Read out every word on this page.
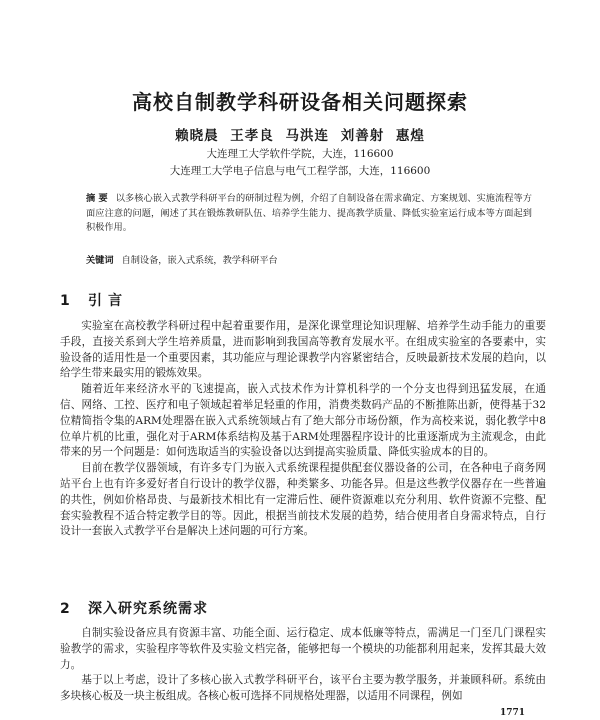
高校自制教学科研设备相关问题探索
赖晓晨 王孝良 马洪连 刘善射 惠煌
大连理工大学软件学院，大连，116600
大连理工大学电子信息与电气工程学部，大连，116600
摘 要 以多核心嵌入式教学科研平台的研制过程为例，介绍了自制设备在需求确定、方案规划、实施流程等方面应注意的问题，阐述了其在锻炼教研队伍、培养学生能力、提高教学质量、降低实验室运行成本等方面起到积极作用。
关键词 自制设备，嵌入式系统，教学科研平台
1 引言

实验室在高校教学科研过程中起着重要作用，是深化课堂理论知识理解、培养学生动手能力的重要手段，直接关系到大学生培养质量，进而影响到我国高等教育发展水平。在组成实验室的各要素中，实验设备的适用性是一个重要因素，其功能应与理论课教学内容紧密结合，反映最新技术发展的趋向，以给学生带来最实用的锻炼效果。

随着近年来经济水平的飞速提高，嵌入式技术作为计算机科学的一个分支也得到迅猛发展，在通信、网络、工控、医疗和电子领域起着举足轻重的作用，消费类数码产品的不断推陈出新，使得基于32位精简指令集的ARM处理器在嵌入式系统领域占有了绝大部分市场份额，作为高校来说，弱化教学中8位单片机的比重，强化对于ARM体系结构及基于ARM处理器程序设计的比重逐渐成为主流观念，由此带来的另一个问题是：如何选取适当的实验设备以达到提高实验质量、降低实验成本的目的。

目前在教学仪器领域，有许多专门为嵌入式系统课程提供配套仪器设备的公司，在各种电子商务网站平台上也有许多爱好者自行设计的教学仪器，种类繁多、功能各异。但是这些教学仪器存在一些普遍的共性，例如价格昂贵、与最新技术相比有一定滞后性、硬件资源难以充分利用、软件资源不完整、配套实验教程不适合特定教学目的等。因此，根据当前技术发展的趋势，结合使用者自身需求特点，自行设计一套嵌入式教学平台是解决上述问题的可行方案。

2 深入研究系统需求

自制实验设备应具有资源丰富、功能全面、运行稳定、成本低廉等特点，需满足一门至几门课程实验教学的需求，实验程序等软件及实验文档完备，能够把每一个模块的功能都利用起来，发挥其最大效力。

基于以上考虑，设计了多核心嵌入式教学科研平台，该平台主要为教学服务，并兼顾科研。系统由多块核心板及一块主板组成。各核心板可选择不同规格处理器，以适用不同课程，例如

1771
